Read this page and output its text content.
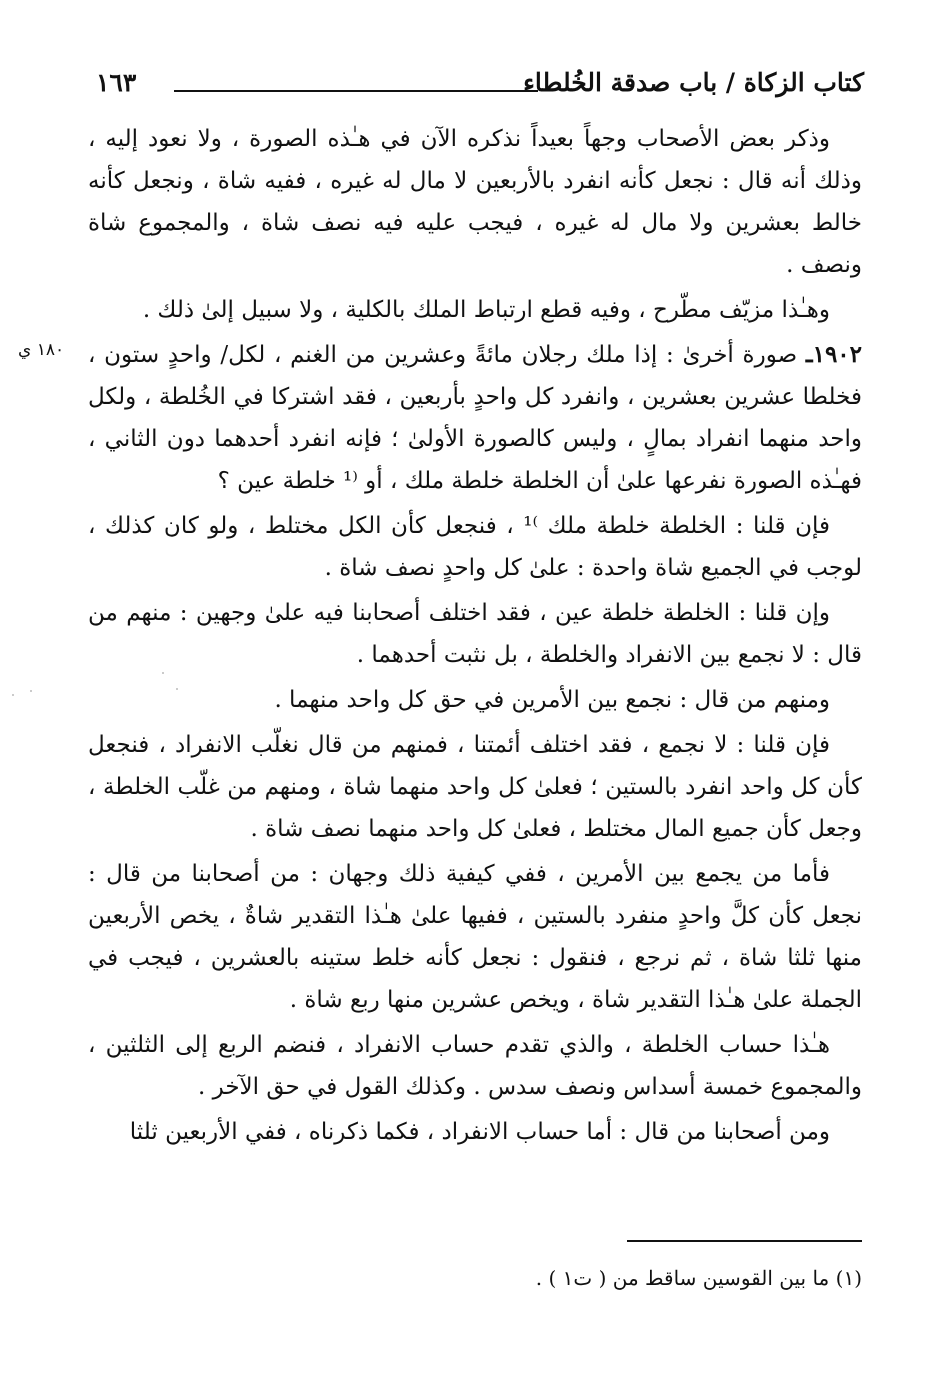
كتاب الزكاة / باب صدقة الخُلطاء
١٦٣
١٨٠ ي

وذكر بعض الأصحاب وجهاً بعيداً نذكره الآن في هـٰذه الصورة ، ولا نعود إليه ، وذلك أنه قال : نجعل كأنه انفرد بالأربعين لا مال له غيره ، ففيه شاة ، ونجعل كأنه خالط بعشرين ولا مال له غيره ، فيجب عليه فيه نصف شاة ، والمجموع شاة ونصف .

وهـٰذا مزيّف مطّرح ، وفيه قطع ارتباط الملك بالكلية ، ولا سبيل إلىٰ ذلك .

١٩٠٢ـ صورة أخرىٰ : إذا ملك رجلان مائةً وعشرين من الغنم ، لكل/ واحدٍ ستون ، فخلطا عشرين بعشرين ، وانفرد كل واحدٍ بأربعين ، فقد اشتركا في الخُلطة ، ولكل واحد منهما انفراد بمالٍ ، وليس كالصورة الأولىٰ ؛ فإنه انفرد أحدهما دون الثاني ، فهـٰذه الصورة نفرعها علىٰ أن الخلطة خلطة ملك ، أو ⁽¹ خلطة عين ؟

فإن قلنا : الخلطة خلطة ملك ⁾¹ ، فنجعل كأن الكل مختلط ، ولو كان كذلك ، لوجب في الجميع شاة واحدة : علىٰ كل واحدٍ نصف شاة .

وإن قلنا : الخلطة خلطة عين ، فقد اختلف أصحابنا فيه علىٰ وجهين : منهم من قال : لا نجمع بين الانفراد والخلطة ، بل نثبت أحدهما .

ومنهم من قال : نجمع بين الأمرين في حق كل واحد منهما .

فإن قلنا : لا نجمع ، فقد اختلف أئمتنا ، فمنهم من قال نغلّب الانفراد ، فنجعل كأن كل واحد انفرد بالستين ؛ فعلىٰ كل واحد منهما شاة ، ومنهم من غلّب الخلطة ، وجعل كأن جميع المال مختلط ، فعلىٰ كل واحد منهما نصف شاة .

فأما من يجمع بين الأمرين ، ففي كيفية ذلك وجهان : من أصحابنا من قال : نجعل كأن كلَّ واحدٍ منفرد بالستين ، ففيها علىٰ هـٰذا التقدير شاةٌ ، يخص الأربعين منها ثلثا شاة ، ثم نرجع ، فنقول : نجعل كأنه خلط ستينه بالعشرين ، فيجب في الجملة علىٰ هـٰذا التقدير شاة ، ويخص عشرين منها ربع شاة .

هـٰذا حساب الخلطة ، والذي تقدم حساب الانفراد ، فنضم الربع إلى الثلثين ، والمجموع خمسة أسداس ونصف سدس . وكذلك القول في حق الآخر .

ومن أصحابنا من قال : أما حساب الانفراد ، فكما ذكرناه ، ففي الأربعين ثلثا

(١) ما بين القوسين ساقط من ( ت١ ) .
